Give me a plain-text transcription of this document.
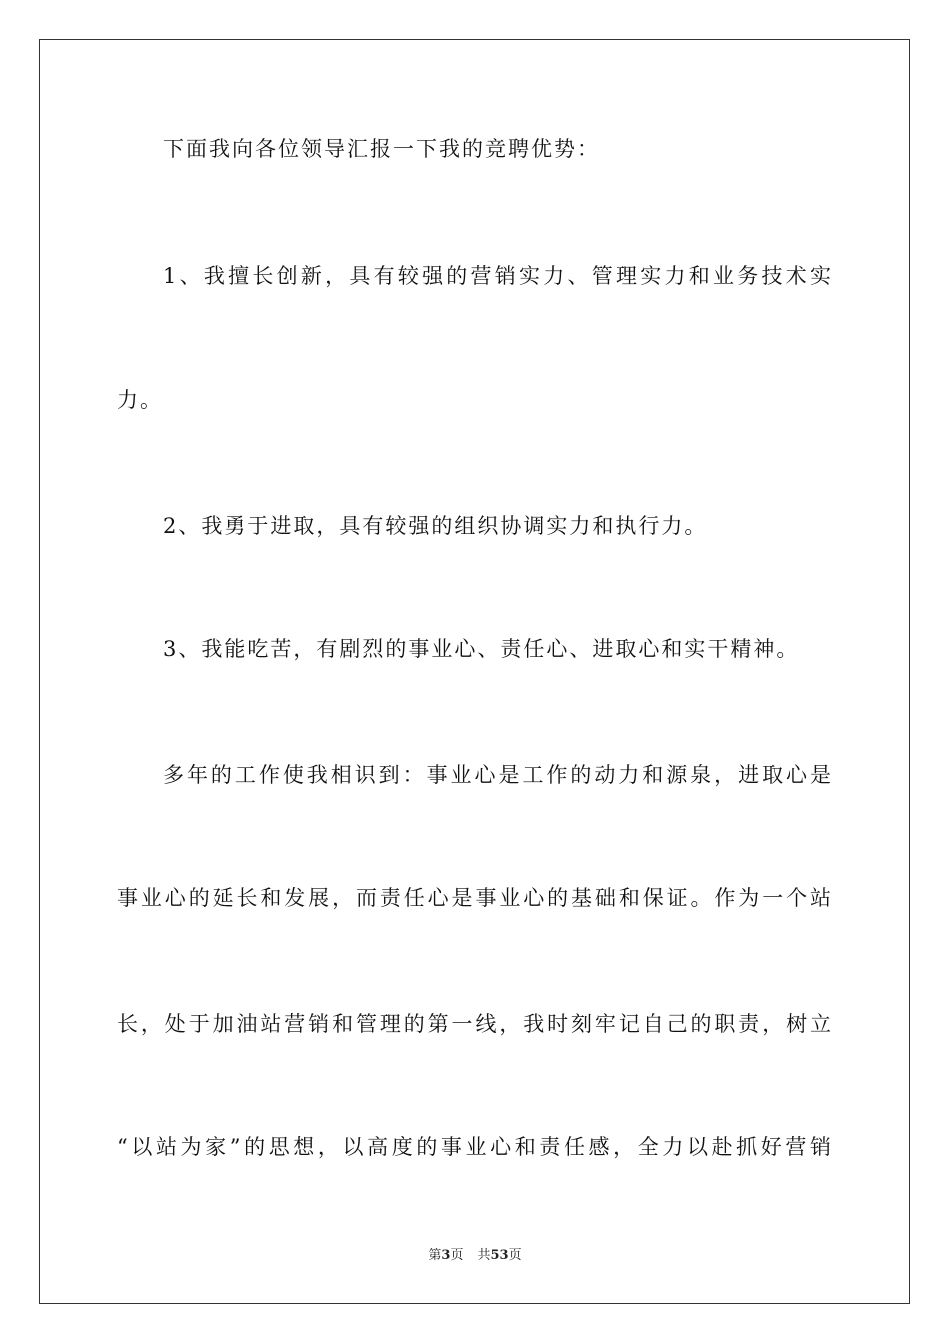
下面我向各位领导汇报一下我的竞聘优势：
1、我擅长创新，具有较强的营销实力、管理实力和业务技术实
力。
2、我勇于进取，具有较强的组织协调实力和执行力。
3、我能吃苦，有剧烈的事业心、责任心、进取心和实干精神。
多年的工作使我相识到：事业心是工作的动力和源泉，进取心是
事业心的延长和发展，而责任心是事业心的基础和保证。作为一个站
长，处于加油站营销和管理的第一线，我时刻牢记自己的职责，树立
“以站为家”的思想，以高度的事业心和责任感，全力以赴抓好营销
第3页 共53页
